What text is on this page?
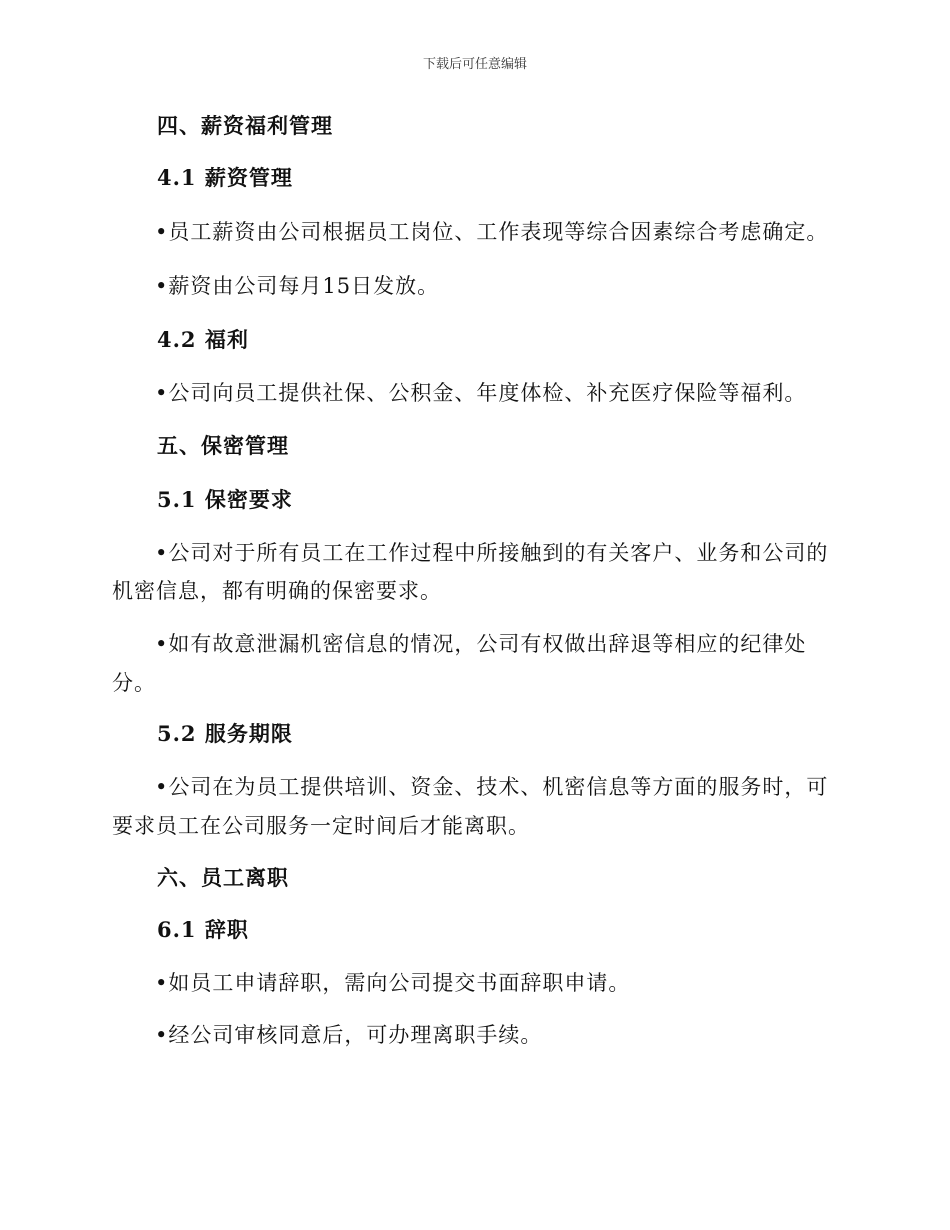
下载后可任意编辑
四、薪资福利管理
4.1 薪资管理
•员工薪资由公司根据员工岗位、工作表现等综合因素综合考虑确定。
•薪资由公司每月15日发放。
4.2 福利
•公司向员工提供社保、公积金、年度体检、补充医疗保险等福利。
五、保密管理
5.1 保密要求
•公司对于所有员工在工作过程中所接触到的有关客户、业务和公司的
机密信息，都有明确的保密要求。
•如有故意泄漏机密信息的情况，公司有权做出辞退等相应的纪律处
分。
5.2 服务期限
•公司在为员工提供培训、资金、技术、机密信息等方面的服务时，可
要求员工在公司服务一定时间后才能离职。
六、员工离职
6.1 辞职
•如员工申请辞职，需向公司提交书面辞职申请。
•经公司审核同意后，可办理离职手续。
